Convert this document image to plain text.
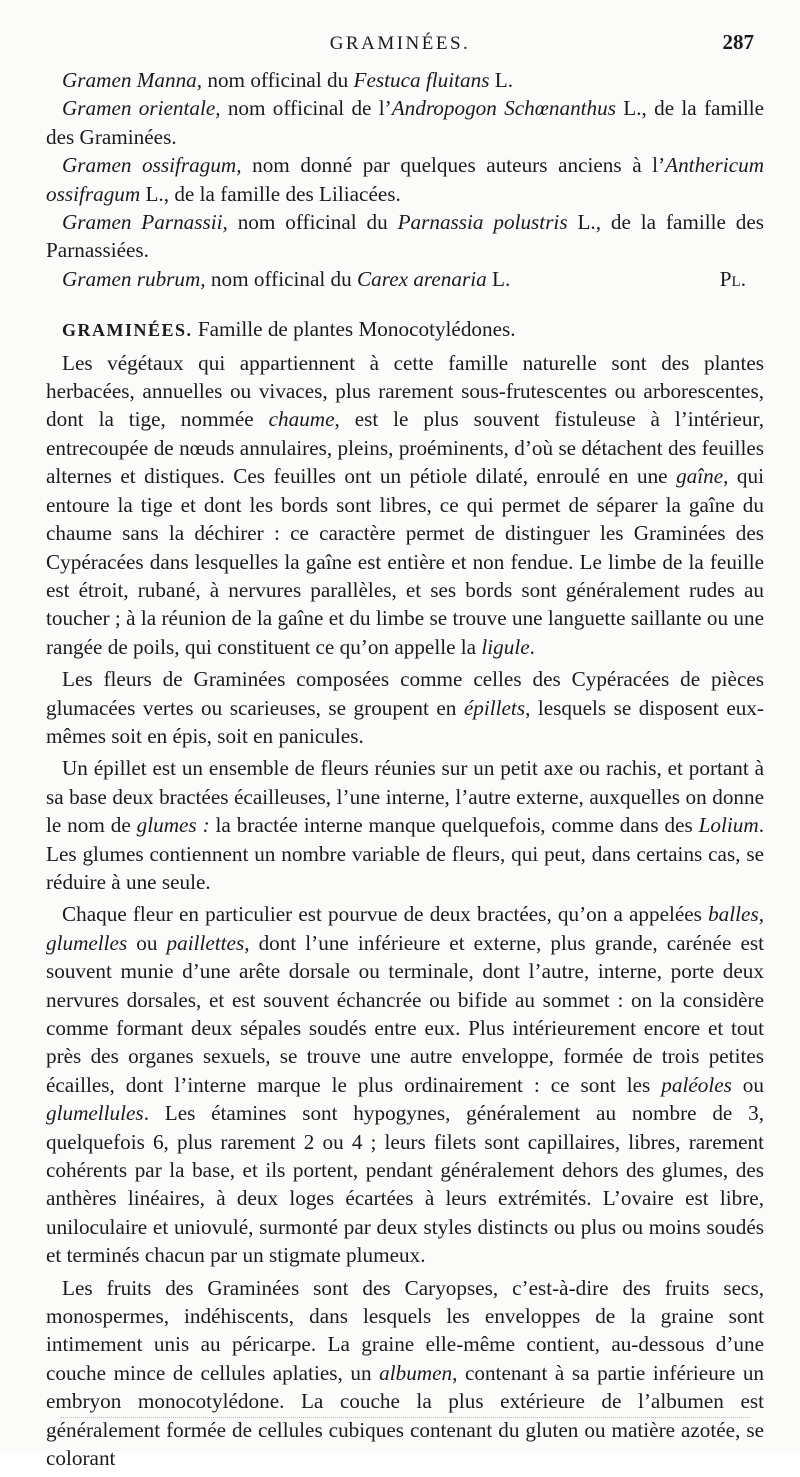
GRAMINÉES.	287

Gramen Manna, nom officinal du Festuca fluitans L.

Gramen orientale, nom officinal de l’Andropogon Schœnanthus L., de la famille des Graminées.

Gramen ossifragum, nom donné par quelques auteurs anciens à l’Anthericum ossifragum L., de la famille des Liliacées.

Gramen Parnassii, nom officinal du Parnassia polustris L., de la famille des Parnassiées.

Gramen rubrum, nom officinal du Carex arenaria L.	Pl.

GRAMINÉES. Famille de plantes Monocotylédones.

Les végétaux qui appartiennent à cette famille naturelle sont des plantes herbacées, annuelles ou vivaces, plus rarement sous-frutescentes ou arborescentes, dont la tige, nommée chaume, est le plus souvent fistuleuse à l’intérieur, entrecoupée de nœuds annulaires, pleins, proéminents, d’où se détachent des feuilles alternes et distiques. Ces feuilles ont un pétiole dilaté, enroulé en une gaîne, qui entoure la tige et dont les bords sont libres, ce qui permet de séparer la gaîne du chaume sans la déchirer : ce caractère permet de distinguer les Graminées des Cypéracées dans lesquelles la gaîne est entière et non fendue. Le limbe de la feuille est étroit, rubané, à nervures parallèles, et ses bords sont généralement rudes au toucher ; à la réunion de la gaîne et du limbe se trouve une languette saillante ou une rangée de poils, qui constituent ce qu’on appelle la ligule.

Les fleurs de Graminées composées comme celles des Cypéracées de pièces glumacées vertes ou scarieuses, se groupent en épillets, lesquels se disposent eux-mêmes soit en épis, soit en panicules.

Un épillet est un ensemble de fleurs réunies sur un petit axe ou rachis, et portant à sa base deux bractées écailleuses, l’une interne, l’autre externe, auxquelles on donne le nom de glumes : la bractée interne manque quelquefois, comme dans des Lolium. Les glumes contiennent un nombre variable de fleurs, qui peut, dans certains cas, se réduire à une seule.

Chaque fleur en particulier est pourvue de deux bractées, qu’on a appelées balles, glumelles ou paillettes, dont l’une inférieure et externe, plus grande, carénée est souvent munie d’une arête dorsale ou terminale, dont l’autre, interne, porte deux nervures dorsales, et est souvent échancrée ou bifide au sommet : on la considère comme formant deux sépales soudés entre eux. Plus intérieurement encore et tout près des organes sexuels, se trouve une autre enveloppe, formée de trois petites écailles, dont l’interne marque le plus ordinairement : ce sont les paléoles ou glumellules. Les étamines sont hypogynes, généralement au nombre de 3, quelquefois 6, plus rarement 2 ou 4 ; leurs filets sont capillaires, libres, rarement cohérents par la base, et ils portent, pendant généralement dehors des glumes, des anthères linéaires, à deux loges écartées à leurs extrémités. L’ovaire est libre, uniloculaire et uniovulé, surmonté par deux styles distincts ou plus ou moins soudés et terminés chacun par un stigmate plumeux.

Les fruits des Graminées sont des Caryopses, c’est-à-dire des fruits secs, monospermes, indéhiscents, dans lesquels les enveloppes de la graine sont intimement unis au péricarpe. La graine elle-même contient, au-dessous d’une couche mince de cellules aplaties, un albumen, contenant à sa partie inférieure un embryon monocotylédone. La couche la plus extérieure de l’albumen est généralement formée de cellules cubiques contenant du gluten ou matière azotée, se colorant
